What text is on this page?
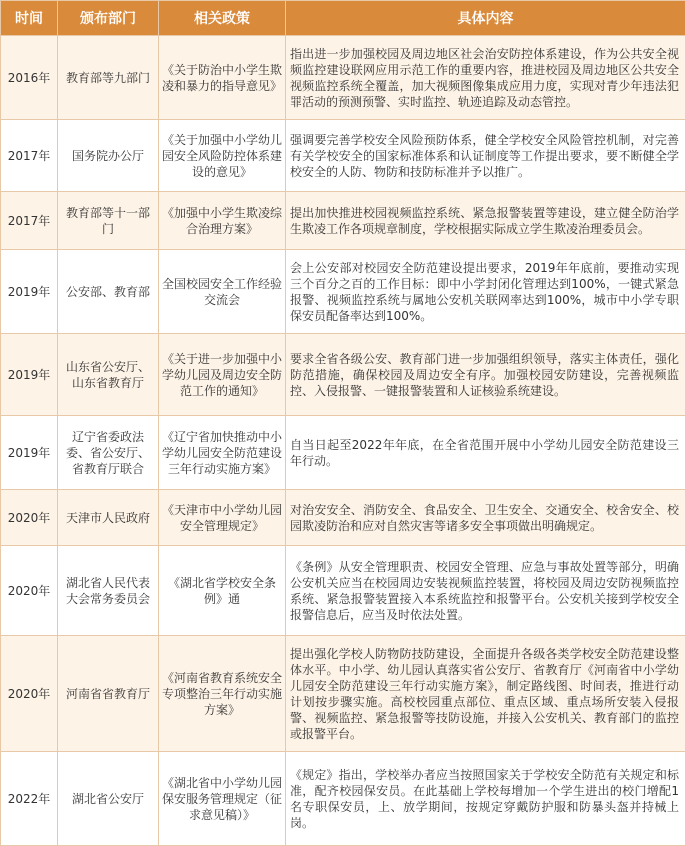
时间	颁布部门	相关政策	具体内容
2016年	教育部等九部门	《关于防治中小学生欺凌和暴力的指导意见》	指出进一步加强校园及周边地区社会治安防控体系建设，作为公共安全视频监控建设联网应用示范工作的重要内容，推进校园及周边地区公共安全视频监控系统全覆盖，加大视频图像集成应用力度，实现对青少年违法犯罪活动的预测预警、实时监控、轨迹追踪及动态管控。
2017年	国务院办公厅	《关于加强中小学幼儿园安全风险防控体系建设的意见》	强调要完善学校安全风险预防体系，健全学校安全风险管控机制，对完善有关学校安全的国家标准体系和认证制度等工作提出要求，要不断健全学校安全的人防、物防和技防标准并予以推广。
2017年	教育部等十一部门	《加强中小学生欺凌综合治理方案》	提出加快推进校园视频监控系统、紧急报警装置等建设，建立健全防治学生欺凌工作各项规章制度，学校根据实际成立学生欺凌治理委员会。
2019年	公安部、教育部	全国校园安全工作经验交流会	会上公安部对校园安全防范建设提出要求，2019年年底前，要推动实现三个百分之百的工作目标：即中小学封闭化管理达到100%，一键式紧急报警、视频监控系统与属地公安机关联网率达到100%，城市中小学专职保安员配备率达到100%。
2019年	山东省公安厅、山东省教育厅	《关于进一步加强中小学幼儿园及周边安全防范工作的通知》	要求全省各级公安、教育部门进一步加强组织领导，落实主体责任，强化防范措施，确保校园及周边安全有序。加强校园安防建设，完善视频监控、入侵报警、一键报警装置和人证核验系统建设。
2019年	辽宁省委政法委、省公安厅、省教育厅联合	《辽宁省加快推动中小学幼儿园安全防范建设三年行动实施方案》	自当日起至2022年年底，在全省范围开展中小学幼儿园安全防范建设三年行动。
2020年	天津市人民政府	《天津市中小学幼儿园安全管理规定》	对治安安全、消防安全、食品安全、卫生安全、交通安全、校舍安全、校园欺凌防治和应对自然灾害等诸多安全事项做出明确规定。
2020年	湖北省人民代表大会常务委员会	《湖北省学校安全条例》通	《条例》从安全管理职责、校园安全管理、应急与事故处置等部分，明确公安机关应当在校园周边安装视频监控装置，将校园及周边安防视频监控系统、紧急报警装置接入本系统监控和报警平台。公安机关接到学校安全报警信息后，应当及时依法处置。
2020年	河南省省教育厅	《河南省教育系统安全专项整治三年行动实施方案》	提出强化学校人防物防技防建设，全面提升各级各类学校安全防范建设整体水平。中小学、幼儿园认真落实省公安厅、省教育厅《河南省中小学幼儿园安全防范建设三年行动实施方案》，制定路线图、时间表，推进行动计划按步骤实施。高校校园重点部位、重点区域、重点场所安装入侵报警、视频监控、紧急报警等技防设施，并接入公安机关、教育部门的监控或报警平台。
2022年	湖北省公安厅	《湖北省中小学幼儿园保安服务管理规定（征求意见稿）》	《规定》指出，学校举办者应当按照国家关于学校安全防范有关规定和标准，配齐校园保安员。在此基础上学校每增加一个学生进出的校门增配1名专职保安员，上、放学期间，按规定穿戴防护服和防暴头盔并持械上岗。
